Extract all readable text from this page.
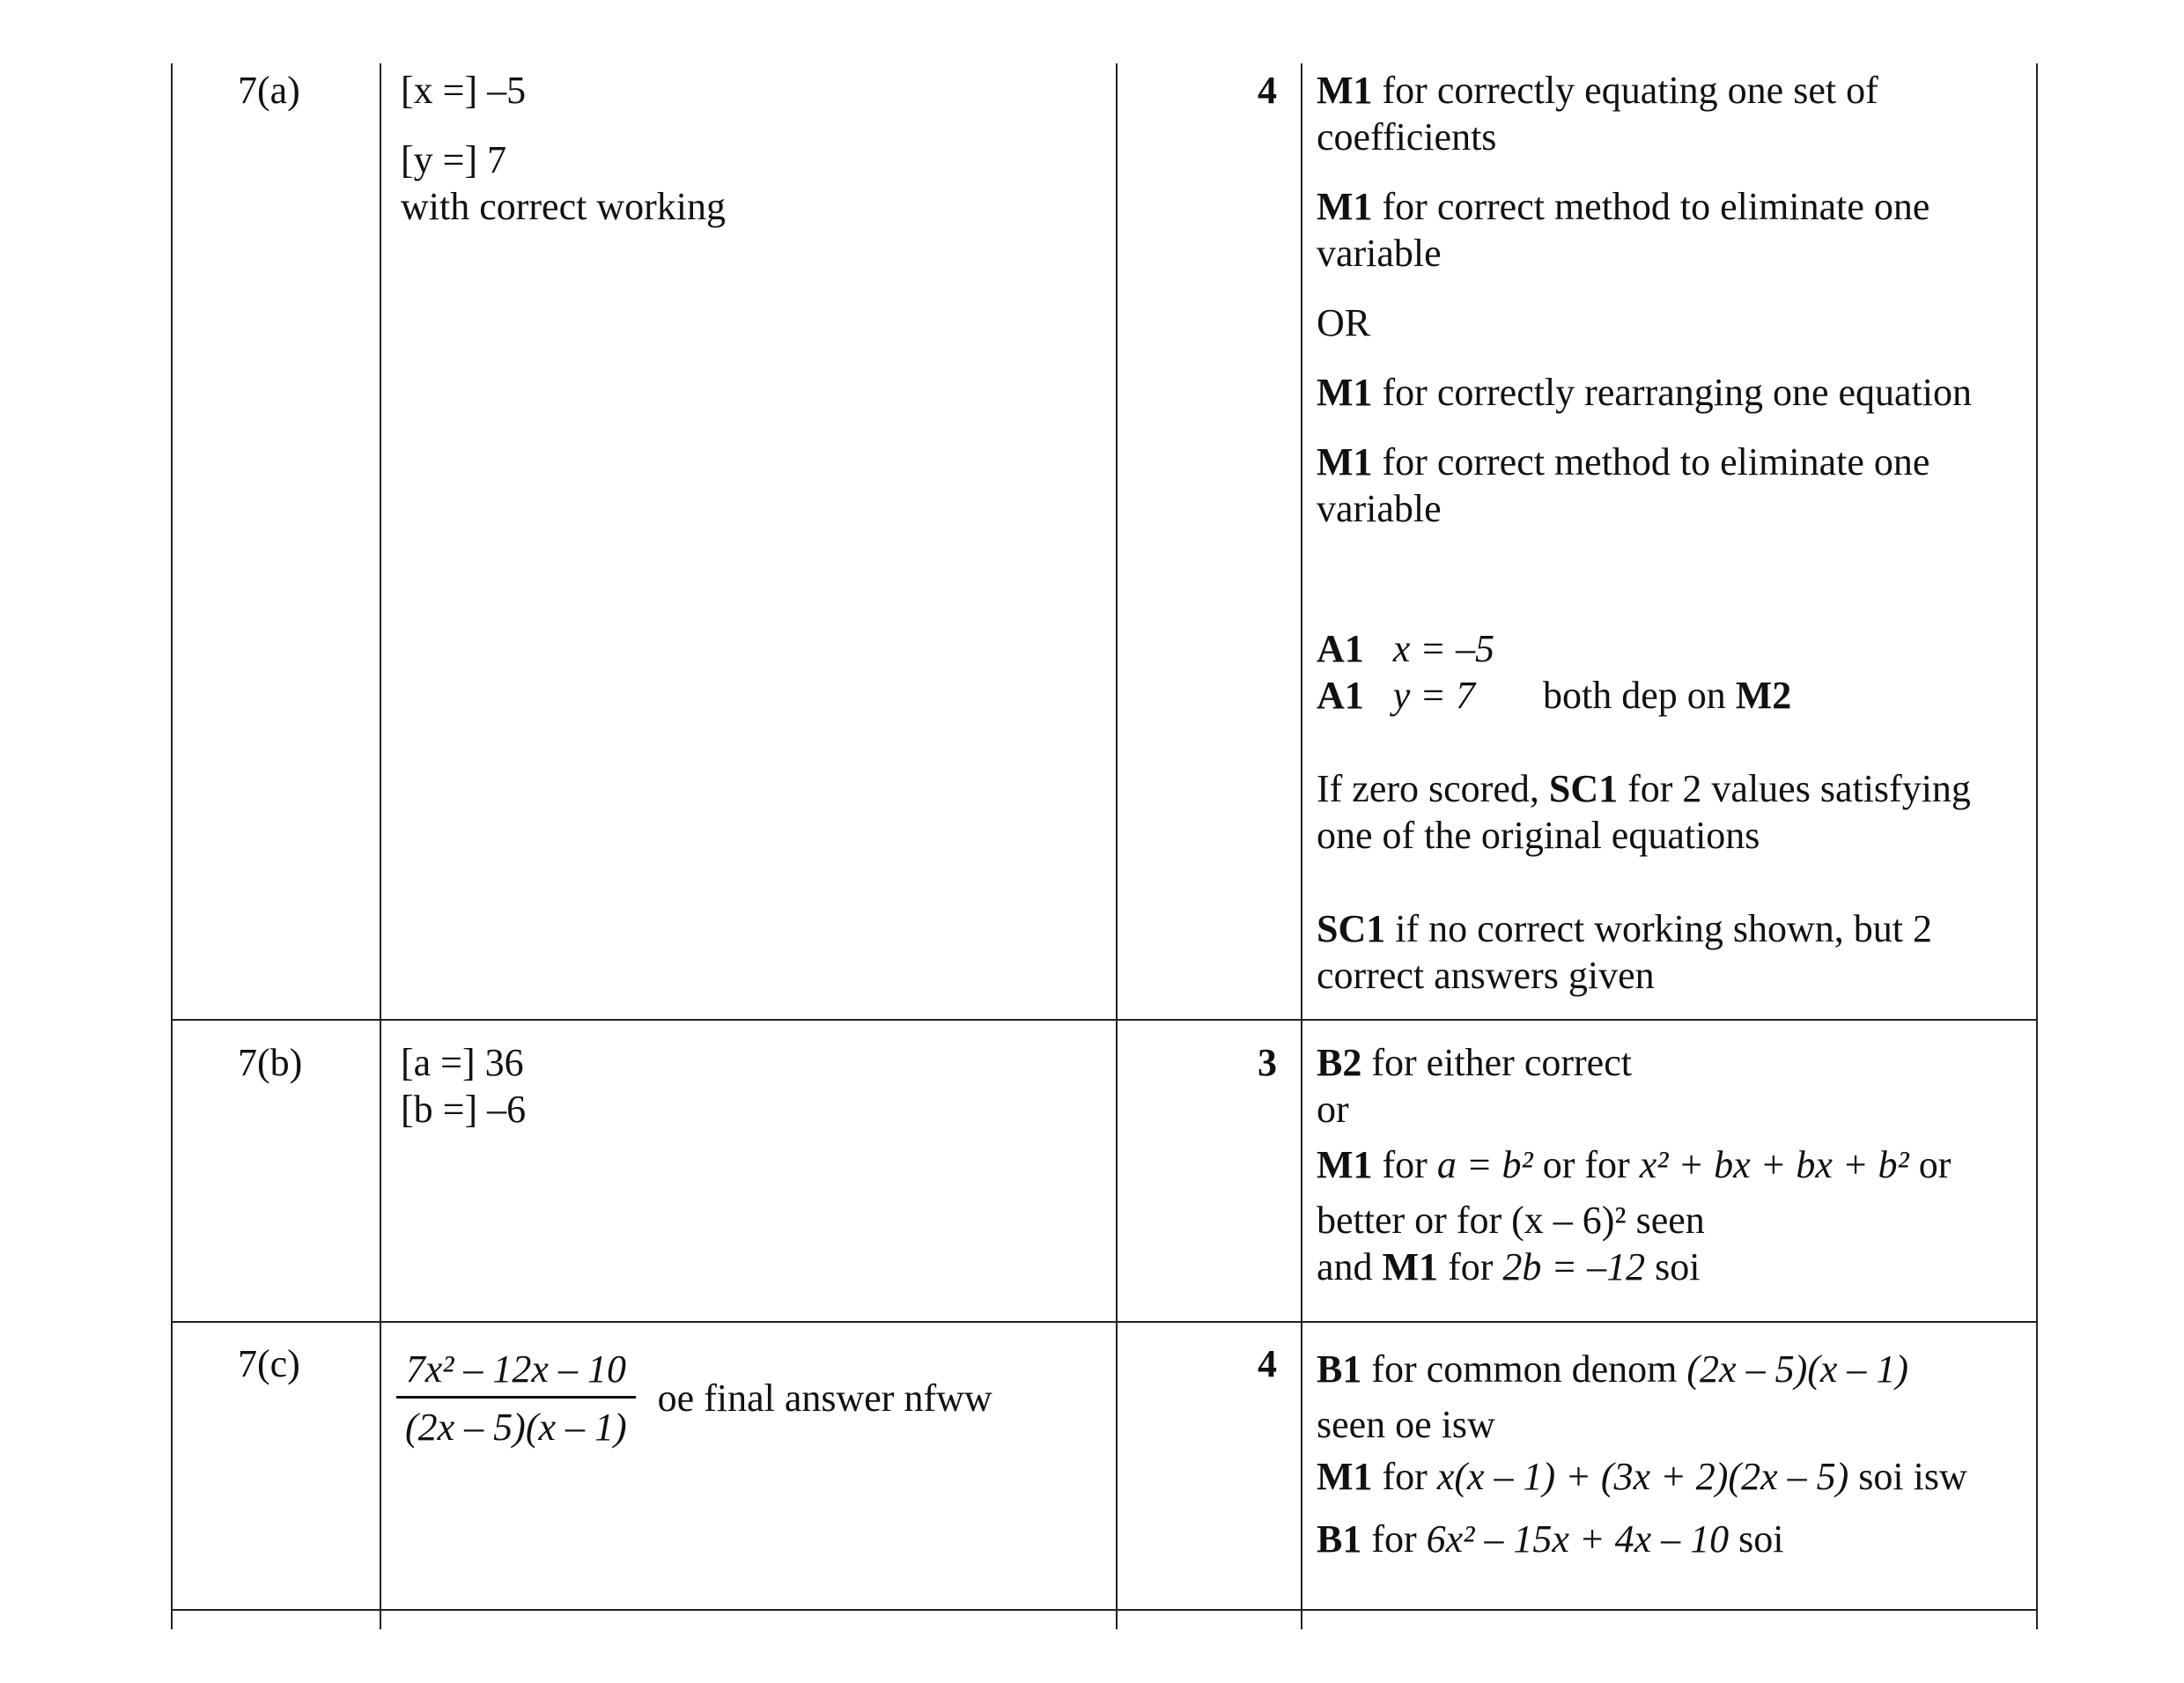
7(a)	[x =] –5
[y =] 7
with correct working
4 M1 for correctly equating one set of coefficients
M1 for correct method to eliminate one variable
OR
M1 for correctly rearranging one equation
M1 for correct method to eliminate one variable
A1 x = –5
A1 y = 7 both dep on M2
If zero scored, SC1 for 2 values satisfying one of the original equations
SC1 if no correct working shown, but 2 correct answers given
7(b)	[a =] 36
[b =] –6
3 B2 for either correct
or
M1 for a = b² or for x² + bx + bx + b² or
better or for (x – 6)² seen
and M1 for 2b = –12 soi
$7(c) \frac{\text{7x² – 12x – 10}}{(2x - 5)(x - 1)}$ oe final answer nfww
4 B1 for common denom (2x – 5)(x – 1)
seen oe isw
M1 for x(x – 1) + (3x + 2)(2x – 5) soi isw
B1 for 6x² – 15x + 4x – 10 soi
